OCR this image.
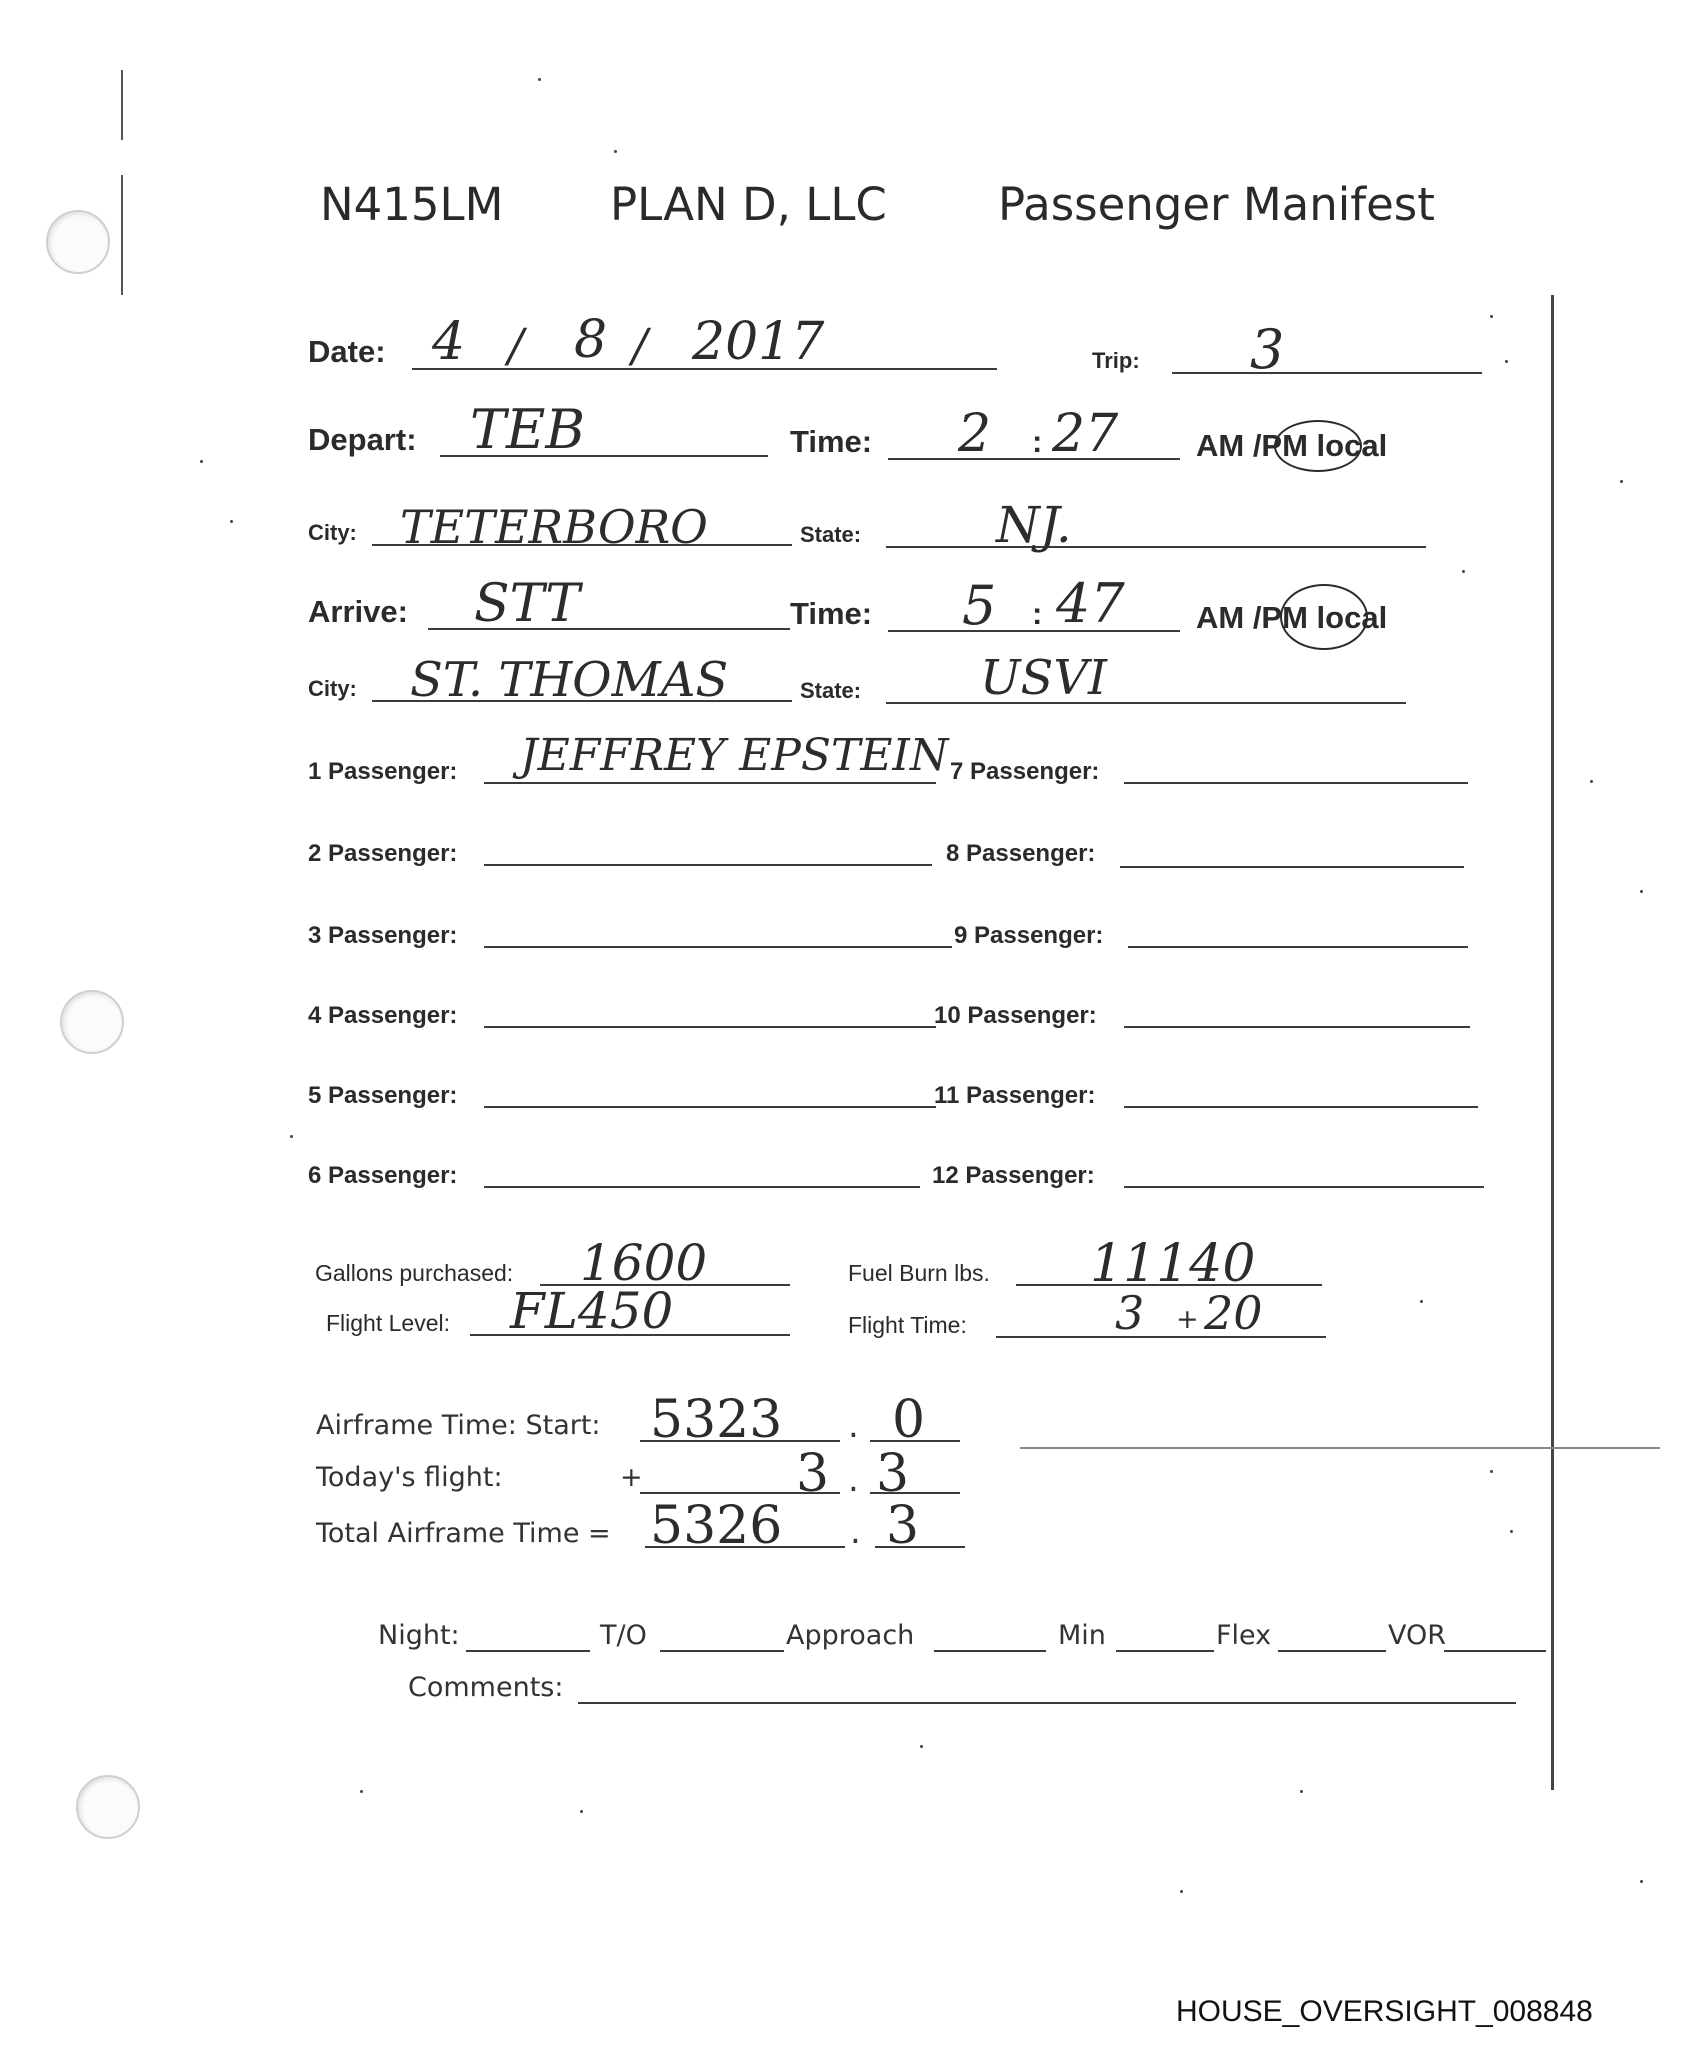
N415LM PLAN D, LLC Passenger Manifest
Date: 4 / 8 / 2017	Trip: 3
Depart: TEB	Time: 2 : 27	AM /PM local
City: TETERBORO	State:	NJ.
Arrive: STT	Time: 5 : 47 AM /PM local
City: ST. THOMAS	State: USVI
1 Passenger: JEFFREY EPSTEIN
2 Passenger:
3 Passenger:
4 Passenger:
5 Passenger:
6 Passenger:
7 Passenger:
8 Passenger:
9 Passenger:
10 Passenger:
11 Passenger:
12 Passenger:
Gallons purchased: 1600	Fuel Burn lbs. 11140
Flight Level: FL450	Flight Time:	3 + 20
Airframe Time: Start: 5323 . 0
Today's flight:	+	3 . 3
Total Airframe Time = 5326 . 3
Night:	T/O	Approach	Min	Flex	VOR
Comments:
HOUSE_OVERSIGHT_008848
